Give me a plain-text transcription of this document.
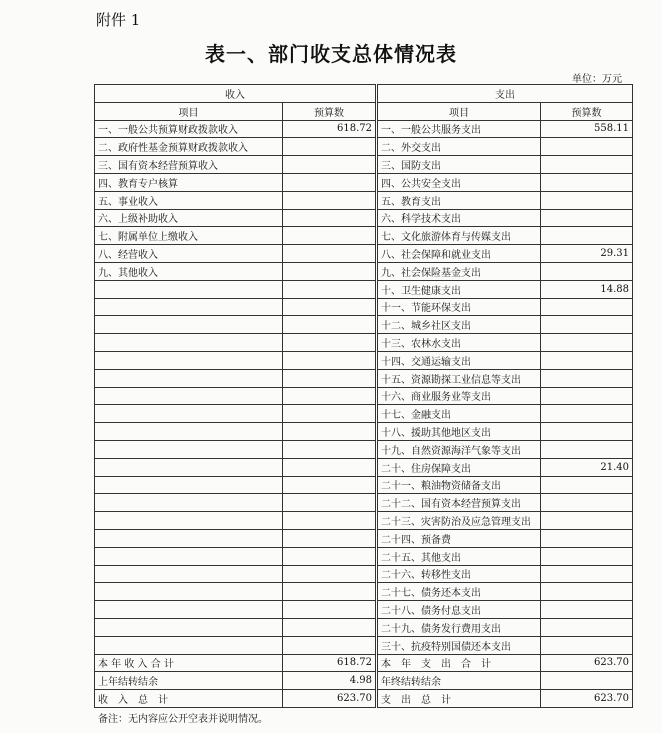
附件 1
表一、部门收支总体情况表
单位：万元
收入		支出	
项目	预算数	项目	预算数
一、一般公共预算财政拨款收入	618.72	一、一般公共服务支出	558.11
二、政府性基金预算财政拨款收入		二、外交支出	
三、国有资本经营预算收入		三、国防支出	
四、教育专户核算		四、公共安全支出	
五、事业收入		五、教育支出	
六、上级补助收入		六、科学技术支出	
七、附属单位上缴收入		七、文化旅游体育与传媒支出	
八、经营收入		八、社会保障和就业支出	29.31
九、其他收入		九、社会保险基金支出	
		十、卫生健康支出	14.88
		十一、节能环保支出	
		十二、城乡社区支出	
		十三、农林水支出	
		十四、交通运输支出	
		十五、资源勘探工业信息等支出	
		十六、商业服务业等支出	
		十七、金融支出	
		十八、援助其他地区支出	
		十九、自然资源海洋气象等支出	
		二十、住房保障支出	21.40
		二十一、粮油物资储备支出	
		二十二、国有资本经营预算支出	
		二十三、灾害防治及应急管理支出	
		二十四、预备费	
		二十五、其他支出	
		二十六、转移性支出	
		二十七、债务还本支出	
		二十八、债务付息支出	
		二十九、债务发行费用支出	
		三十、抗疫特别国债还本支出	
本 年 收 入 合 计	618.72	本　年　支　出　合　计	623.70
上年结转结余	4.98	年终结转结余	
收　入　总　计	623.70	支　出　总　计	623.70
备注：无内容应公开空表并说明情况。
